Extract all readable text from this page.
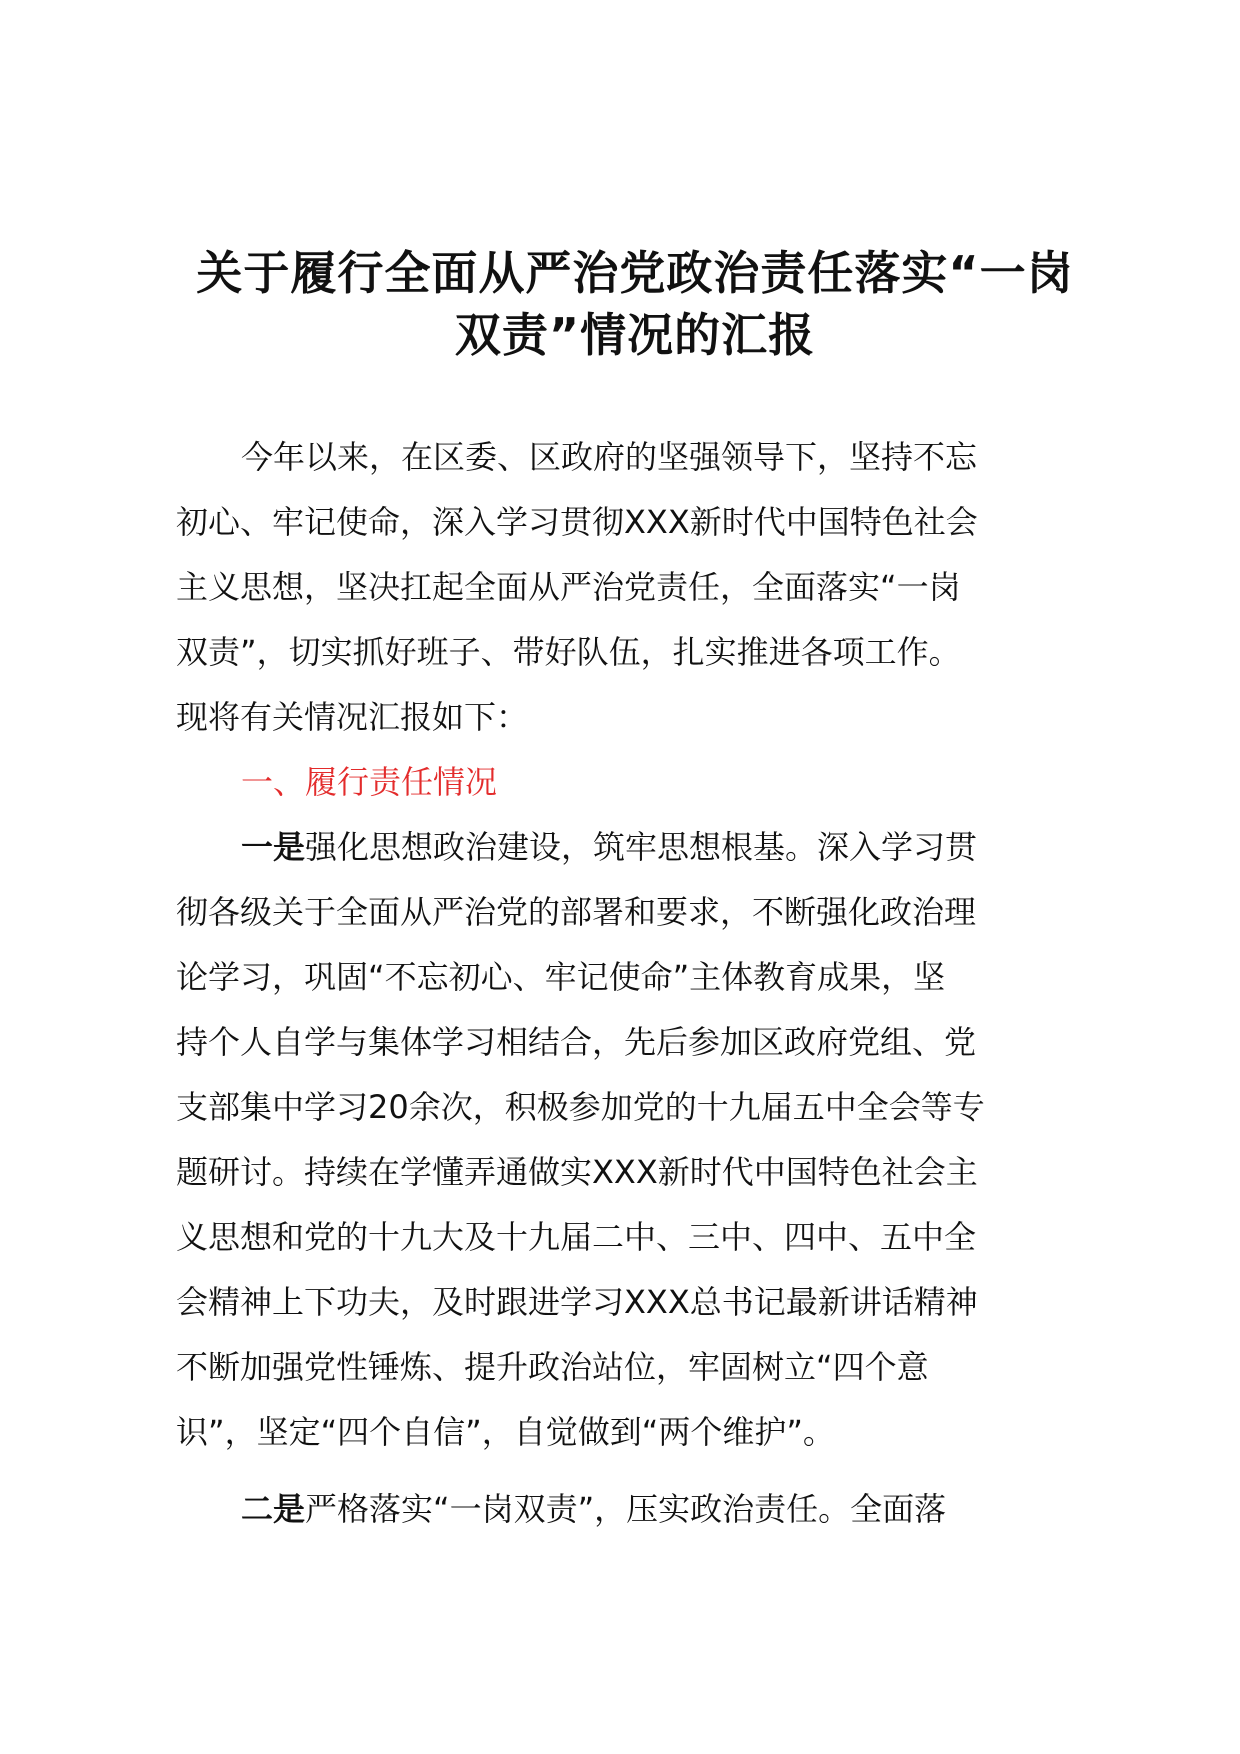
关于履行全面从严治党政治责任落实“一岗
双责”情况的汇报
今年以来，在区委、区政府的坚强领导下，坚持不忘
初心、牢记使命，深入学习贯彻XXX新时代中国特色社会
主义思想，坚决扛起全面从严治党责任，全面落实“一岗
双责”，切实抓好班子、带好队伍，扎实推进各项工作。
现将有关情况汇报如下：
一、履行责任情况
一是强化思想政治建设，筑牢思想根基。深入学习贯
彻各级关于全面从严治党的部署和要求，不断强化政治理
论学习，巩固“不忘初心、牢记使命”主体教育成果，坚
持个人自学与集体学习相结合，先后参加区政府党组、党
支部集中学习20余次，积极参加党的十九届五中全会等专
题研讨。持续在学懂弄通做实XXX新时代中国特色社会主
义思想和党的十九大及十九届二中、三中、四中、五中全
会精神上下功夫，及时跟进学习XXX总书记最新讲话精神
不断加强党性锤炼、提升政治站位，牢固树立“四个意
识”，坚定“四个自信”，自觉做到“两个维护”。
二是严格落实“一岗双责”，压实政治责任。全面落
